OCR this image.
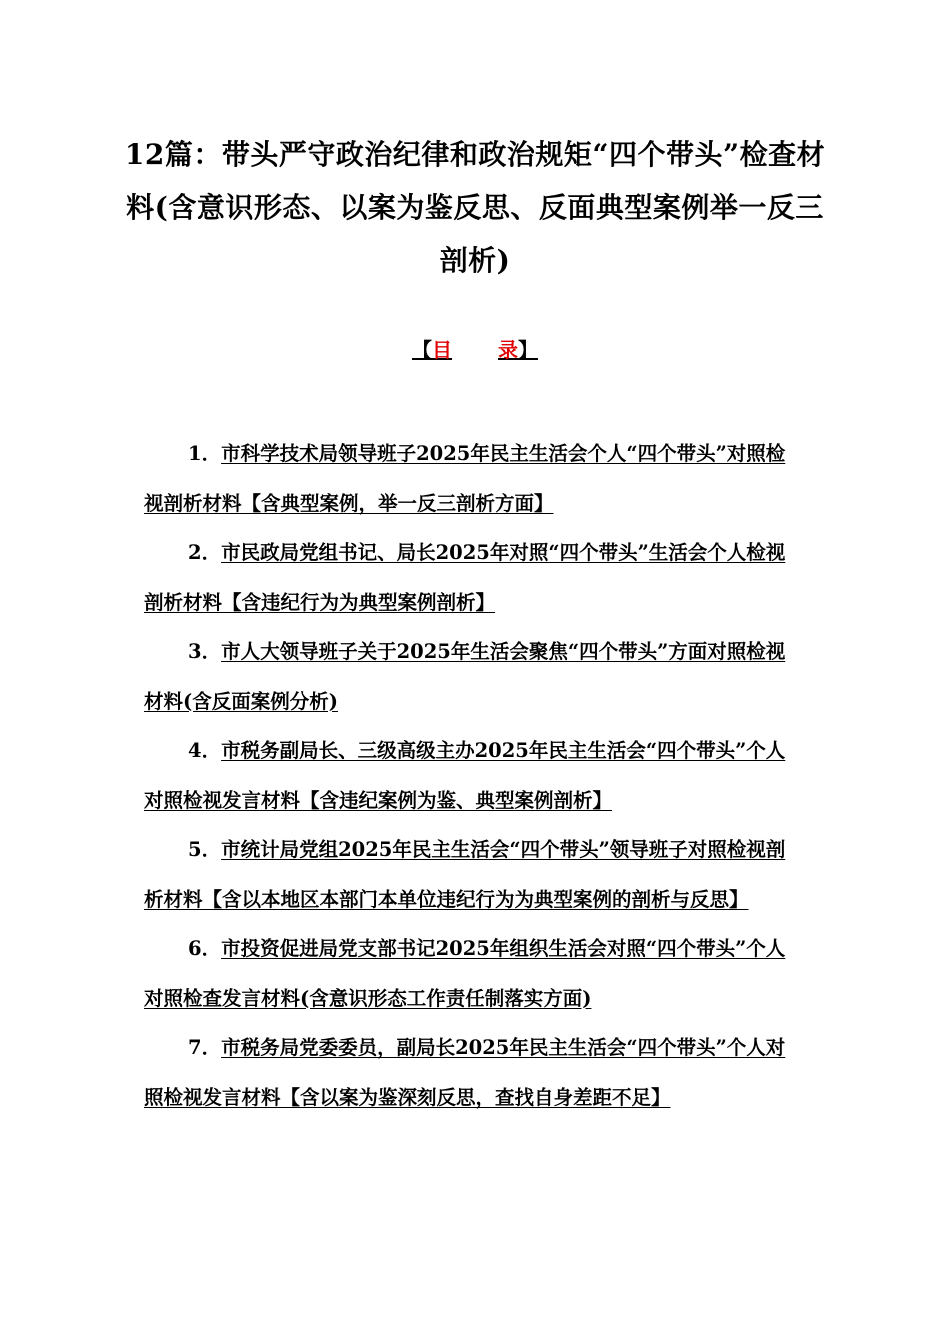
12篇：带头严守政治纪律和政治规矩“四个带头”检查材料(含意识形态、以案为鉴反思、反面典型案例举一反三剖析)
【目 录】

1．市科学技术局领导班子2025年民主生活会个人“四个带头”对照检视剖析材料【含典型案例，举一反三剖析方面】

2．市民政局党组书记、局长2025年对照“四个带头”生活会个人检视剖析材料【含违纪行为为典型案例剖析】

3．市人大领导班子关于2025年生活会聚焦“四个带头”方面对照检视材料(含反面案例分析)

4．市税务副局长、三级高级主办2025年民主生活会“四个带头”个人对照检视发言材料【含违纪案例为鉴、典型案例剖析】

5．市统计局党组2025年民主生活会“四个带头”领导班子对照检视剖析材料【含以本地区本部门本单位违纪行为为典型案例的剖析与反思】

6．市投资促进局党支部书记2025年组织生活会对照“四个带头”个人对照检查发言材料(含意识形态工作责任制落实方面)

7．市税务局党委委员，副局长2025年民主生活会“四个带头”个人对照检视发言材料【含以案为鉴深刻反思，查找自身差距不足】
